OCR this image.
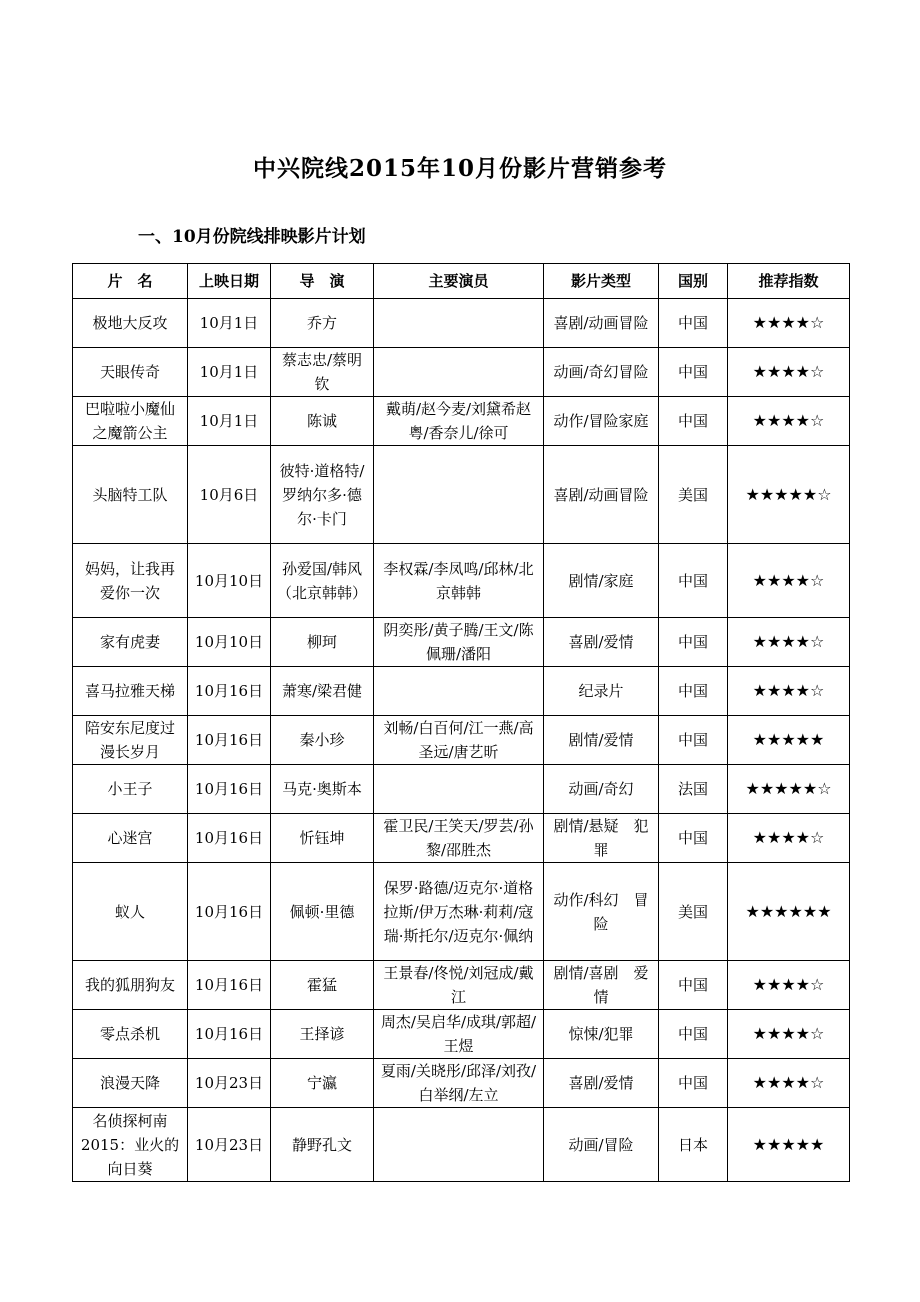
中兴院线2015年10月份影片营销参考
一、10月份院线排映影片计划
片　名	上映日期	导　演	主要演员	影片类型	国别	推荐指数
极地大反攻	10月1日	乔方		喜剧/动画冒险	中国	★★★★☆
天眼传奇	10月1日	蔡志忠/蔡明钦		动画/奇幻冒险	中国	★★★★☆
巴啦啦小魔仙之魔箭公主	10月1日	陈诚	戴萌/赵今麦/刘黛希赵粤/香奈儿/徐可	动作/冒险家庭	中国	★★★★☆
头脑特工队	10月6日	彼特·道格特/罗纳尔多·德尔·卡门		喜剧/动画冒险	美国	★★★★★☆
妈妈，让我再爱你一次	10月10日	孙爱国/韩风（北京韩韩）	李权霖/李凤鸣/邱林/北京韩韩	剧情/家庭	中国	★★★★☆
家有虎妻	10月10日	柳珂	阴奕彤/黄子腾/王文/陈佩珊/潘阳	喜剧/爱情	中国	★★★★☆
喜马拉雅天梯	10月16日	萧寒/梁君健		纪录片	中国	★★★★☆
陪安东尼度过漫长岁月	10月16日	秦小珍	刘畅/白百何/江一燕/高圣远/唐艺昕	剧情/爱情	中国	★★★★★
小王子	10月16日	马克·奥斯本		动画/奇幻	法国	★★★★★☆
心迷宫	10月16日	忻钰坤	霍卫民/王笑天/罗芸/孙黎/邵胜杰	剧情/悬疑　犯罪	中国	★★★★☆
蚁人	10月16日	佩顿·里德	保罗·路德/迈克尔·道格拉斯/伊万杰琳·莉莉/寇瑞·斯托尔/迈克尔·佩纳	动作/科幻　冒险	美国	★★★★★★
我的狐朋狗友	10月16日	霍猛	王景春/佟悦/刘冠成/戴江	剧情/喜剧　爱情	中国	★★★★☆
零点杀机	10月16日	王择谚	周杰/吴启华/成琪/郭超/王煜	惊悚/犯罪	中国	★★★★☆
浪漫天降	10月23日	宁瀛	夏雨/关晓彤/邱泽/刘孜/白举纲/左立	喜剧/爱情	中国	★★★★☆
名侦探柯南2015：业火的向日葵	10月23日	静野孔文		动画/冒险	日本	★★★★★
